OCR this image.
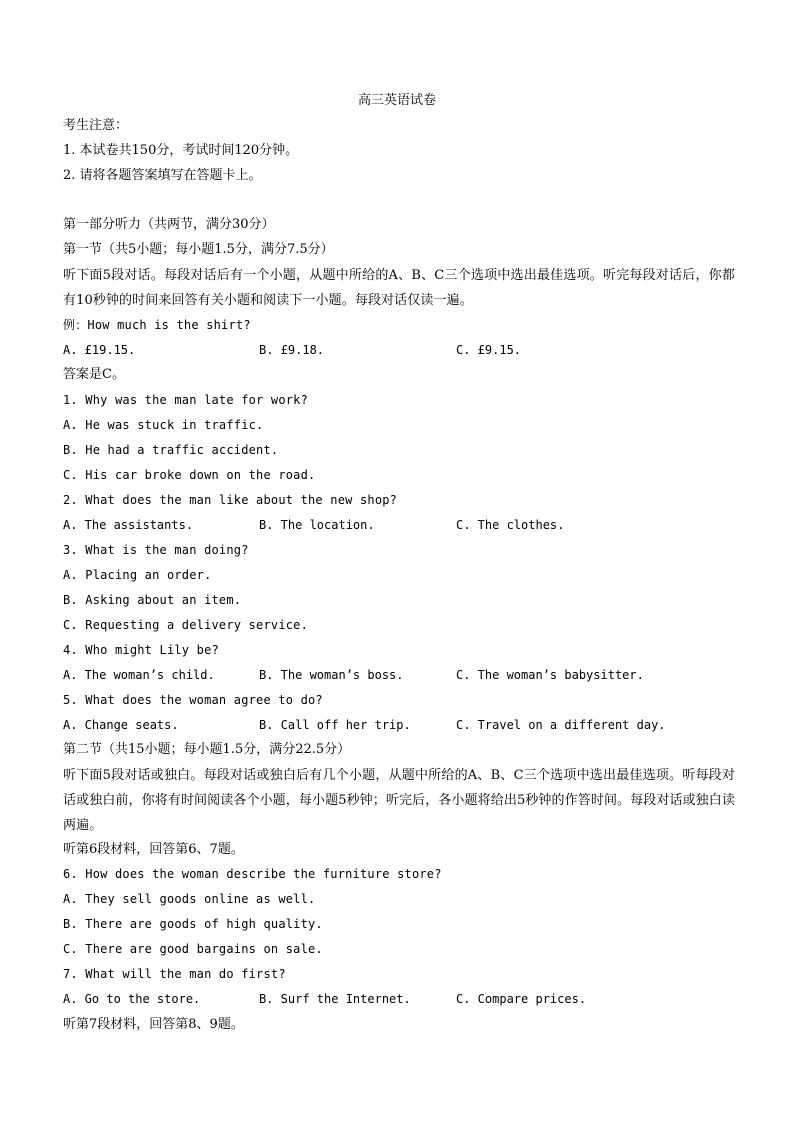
高三英语试卷
考生注意：
1. 本试卷共150分，考试时间120分钟。
2. 请将各题答案填写在答题卡上。
第一部分听力（共两节，满分30分）
第一节（共5小题；每小题1.5分，满分7.5分）
听下面5段对话。每段对话后有一个小题，从题中所给的A、B、C三个选项中选出最佳选项。听完每段对话后，你都有10秒钟的时间来回答有关小题和阅读下一小题。每段对话仅读一遍。
例：How much is the shirt?
A. £19.15.	B. £9.18.	C. £9.15.
答案是C。
1. Why was the man late for work?
A. He was stuck in traffic.
B. He had a traffic accident.
C. His car broke down on the road.
2. What does the man like about the new shop?
A. The assistants.	B. The location.	C. The clothes.
3. What is the man doing?
A. Placing an order.
B. Asking about an item.
C. Requesting a delivery service.
4. Who might Lily be?
A. The woman’s child.	B. The woman’s boss.	C. The woman’s babysitter.
5. What does the woman agree to do?
A. Change seats.	B. Call off her trip.	C. Travel on a different day.
第二节（共15小题；每小题1.5分，满分22.5分）
听下面5段对话或独白。每段对话或独白后有几个小题，从题中所给的A、B、C三个选项中选出最佳选项。听每段对话或独白前，你将有时间阅读各个小题，每小题5秒钟；听完后，各小题将给出5秒钟的作答时间。每段对话或独白读两遍。
听第6段材料，回答第6、7题。
6. How does the woman describe the furniture store?
A. They sell goods online as well.
B. There are goods of high quality.
C. There are good bargains on sale.
7. What will the man do first?
A. Go to the store.	B. Surf the Internet.	C. Compare prices.
听第7段材料，回答第8、9题。
